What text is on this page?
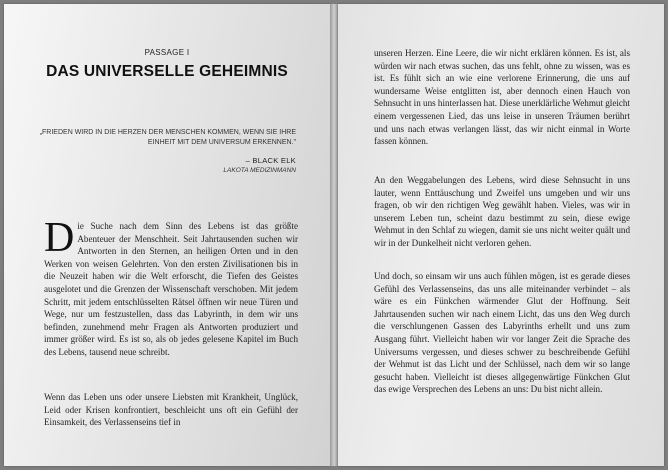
PASSAGE I
DAS UNIVERSELLE GEHEIMNIS
„FRIEDEN WIRD IN DIE HERZEN DER MENSCHEN KOMMEN, WENN SIE IHRE EINHEIT MIT DEM UNIVERSUM ERKENNEN."
– BLACK ELK
LAKOTA MEDIZINMANN

Die Suche nach dem Sinn des Lebens ist das größte Abenteuer der Menschheit. Seit Jahrtausenden suchen wir Antworten in den Sternen, an heiligen Orten und in den Werken von weisen Gelehrten. Von den ersten Zivilisationen bis in die Neuzeit haben wir die Welt erforscht, die Tiefen des Geistes ausgelotet und die Grenzen der Wissenschaft verschoben. Mit jedem Schritt, mit jedem entschlüsselten Rätsel öffnen wir neue Türen und Wege, nur um festzustellen, dass das Labyrinth, in dem wir uns befinden, zunehmend mehr Fragen als Antworten produziert und immer größer wird. Es ist so, als ob jedes gelesene Kapitel im Buch des Lebens, tausend neue schreibt.

Wenn das Leben uns oder unsere Liebsten mit Krankheit, Unglück, Leid oder Krisen konfrontiert, beschleicht uns oft ein Gefühl der Einsamkeit, des Verlassenseins tief in

unseren Herzen. Eine Leere, die wir nicht erklären können. Es ist, als würden wir nach etwas suchen, das uns fehlt, ohne zu wissen, was es ist. Es fühlt sich an wie eine verlorene Erinnerung, die uns auf wundersame Weise entglitten ist, aber dennoch einen Hauch von Sehnsucht in uns hinterlassen hat. Diese unerklärliche Wehmut gleicht einem vergessenen Lied, das uns leise in unseren Träumen berührt und uns nach etwas verlangen lässt, das wir nicht einmal in Worte fassen können.

An den Weggabelungen des Lebens, wird diese Sehnsucht in uns lauter, wenn Enttäuschung und Zweifel uns umgeben und wir uns fragen, ob wir den richtigen Weg gewählt haben. Vieles, was wir in unserem Leben tun, scheint dazu bestimmt zu sein, diese ewige Wehmut in den Schlaf zu wiegen, damit sie uns nicht weiter quält und wir in der Dunkelheit nicht verloren gehen.

Und doch, so einsam wir uns auch fühlen mögen, ist es gerade dieses Gefühl des Verlassenseins, das uns alle miteinander verbindet – als wäre es ein Fünkchen wärmender Glut der Hoffnung. Seit Jahrtausenden suchen wir nach einem Licht, das uns den Weg durch die verschlungenen Gassen des Labyrinths erhellt und uns zum Ausgang führt. Vielleicht haben wir vor langer Zeit die Sprache des Universums vergessen, und dieses schwer zu beschreibende Gefühl der Wehmut ist das Licht und der Schlüssel, nach dem wir so lange gesucht haben. Vielleicht ist dieses allgegenwärtige Fünkchen Glut das ewige Versprechen des Lebens an uns: Du bist nicht allein.
